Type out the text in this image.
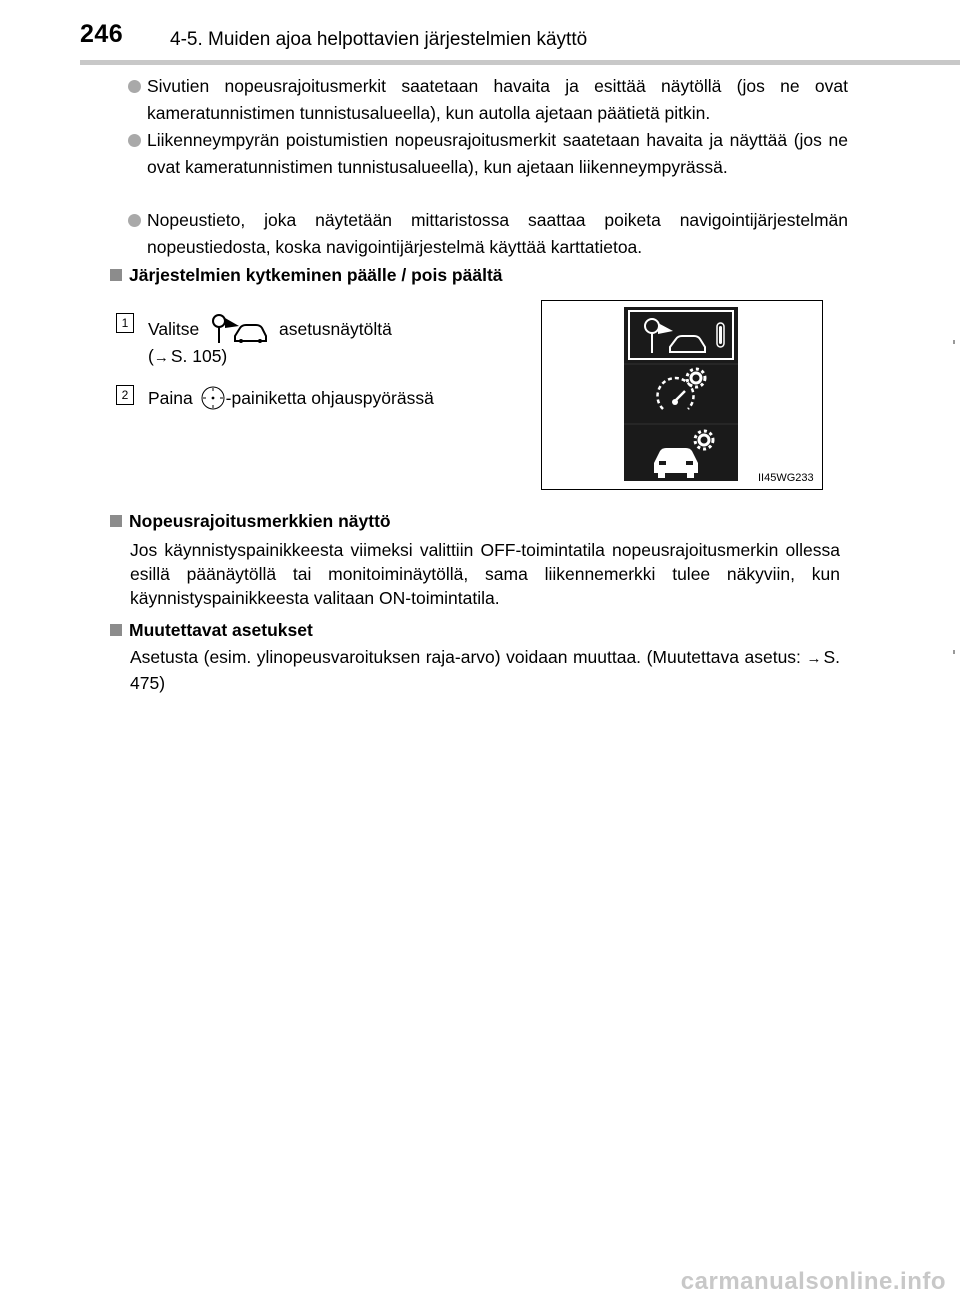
246 4-5. Muiden ajoa helpottavien järjestelmien käyttö
Sivutien nopeusrajoitusmerkit saatetaan havaita ja esittää näytöllä (jos ne ovat kameratunnistimen tunnistusalueella), kun autolla ajetaan päätietä pitkin.
Liikenneympyrän poistumistien nopeusrajoitusmerkit saatetaan havaita ja näyttää (jos ne ovat kameratunnistimen tunnistusalueella), kun ajetaan liikenneympyrässä.
Nopeustieto, joka näytetään mittaristossa saattaa poiketa navigointijärjestelmän nopeustiedosta, koska navigointijärjestelmä käyttää karttatietoa.
Järjestelmien kytkeminen päälle / pois päältä
1	Valitse	asetusnäytöltä
(→ S. 105)
2	Paina -painiketta ohjauspyörässä
II45WG233
Nopeusrajoitusmerkkien näyttö
Jos käynnistyspainikkeesta viimeksi valittiin OFF-toimintatila nopeusrajoitusmerkin ollessa esillä päänäytöllä tai monitoiminäytöllä, sama liikennemerkki tulee näkyviin, kun käynnistyspainikkeesta valitaan ON-toimintatila.
Muutettavat asetukset
Asetusta (esim. ylinopeusvaroituksen raja-arvo) voidaan muuttaa. (Muutettava asetus: → S. 475)
carmanualsonline.info
